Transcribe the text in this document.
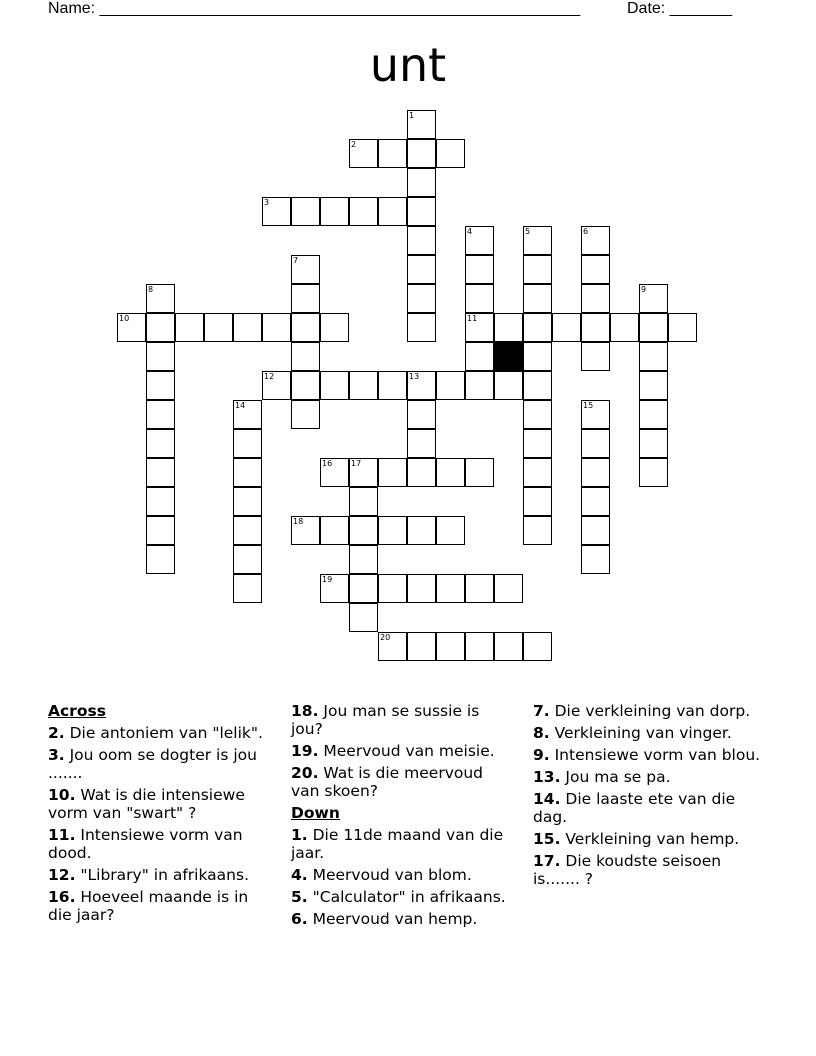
Name: ______________________________________________________	Date: _______
unt
1
2
3
4
11
5	6
7
8	9
10
12	13
14	15
16 17
18
19
20
Across
2. Die antoniem van "lelik".
3. Jou oom se dogter is jou .......
10. Wat is die intensiewe vorm van "swart" ?
11. Intensiewe vorm van dood.
12. "Library" in afrikaans.
16. Hoeveel maande is in die jaar?
18. Jou man se sussie is jou?
19. Meervoud van meisie.
20. Wat is die meervoud van skoen?
Down
1. Die 11de maand van die jaar.
4. Meervoud van blom.
5. "Calculator" in afrikaans.
6. Meervoud van hemp.
7. Die verkleining van dorp.
8. Verkleining van vinger.
9. Intensiewe vorm van blou.
13. Jou ma se pa.
14. Die laaste ete van die dag.
15. Verkleining van hemp.
17. Die koudste seisoen is....... ?
